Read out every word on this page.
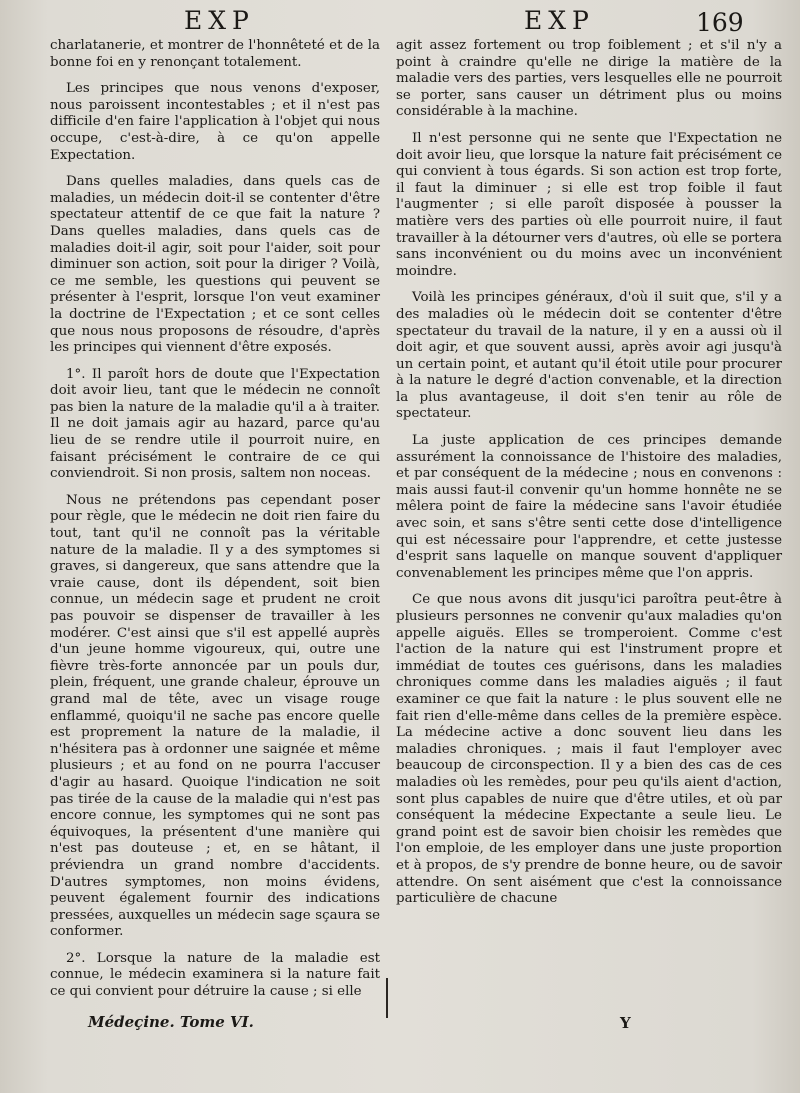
EXP	EXP	169

charlatanerie, et montrer de l'honnêteté et de la bonne foi en y renonçant totalement.

Les principes que nous venons d'exposer, nous paroissent incontestables ; et il n'est pas difficile d'en faire l'application à l'objet qui nous occupe, c'est-à-dire, à ce qu'on appelle Expectation.

Dans quelles maladies, dans quels cas de maladies, un médecin doit-il se contenter d'être spectateur attentif de ce que fait la nature ? Dans quelles maladies, dans quels cas de maladies doit-il agir, soit pour l'aider, soit pour diminuer son action, soit pour la diriger ? Voilà, ce me semble, les questions qui peuvent se présenter à l'esprit, lorsque l'on veut examiner la doctrine de l'Expectation ; et ce sont celles que nous nous proposons de résoudre, d'après les principes qui viennent d'être exposés.

1°. Il paroît hors de doute que l'Expectation doit avoir lieu, tant que le médecin ne connoît pas bien la nature de la maladie qu'il a à traiter. Il ne doit jamais agir au hazard, parce qu'au lieu de se rendre utile il pourroit nuire, en faisant précisément le contraire de ce qui conviendroit. Si non prosis, saltem non noceas.

Nous ne prétendons pas cependant poser pour règle, que le médecin ne doit rien faire du tout, tant qu'il ne connoît pas la véritable nature de la maladie. Il y a des symptomes si graves, si dangereux, que sans attendre que la vraie cause, dont ils dépendent, soit bien connue, un médecin sage et prudent ne croit pas pouvoir se dispenser de travailler à les modérer. C'est ainsi que s'il est appellé auprès d'un jeune homme vigoureux, qui, outre une fièvre très-forte annoncée par un pouls dur, plein, fréquent, une grande chaleur, éprouve un grand mal de tête, avec un visage rouge enflammé, quoiqu'il ne sache pas encore quelle est proprement la nature de la maladie, il n'hésitera pas à ordonner une saignée et même plusieurs ; et au fond on ne pourra l'accuser d'agir au hasard. Quoique l'indication ne soit pas tirée de la cause de la maladie qui n'est pas encore connue, les symptomes qui ne sont pas équivoques, la présentent d'une manière qui n'est pas douteuse ; et, en se hâtant, il préviendra un grand nombre d'accidents. D'autres symptomes, non moins évidens, peuvent également fournir des indications pressées, auxquelles un médecin sage sçaura se conformer.

2°. Lorsque la nature de la maladie est connue, le médecin examinera si la nature fait ce qui convient pour détruire la cause ; si elle

agit assez fortement ou trop foiblement ; et s'il n'y a point à craindre qu'elle ne dirige la matière de la maladie vers des parties, vers lesquelles elle ne pourroit se porter, sans causer un détriment plus ou moins considérable à la machine.

Il n'est personne qui ne sente que l'Expectation ne doit avoir lieu, que lorsque la nature fait précisément ce qui convient à tous égards. Si son action est trop forte, il faut la diminuer ; si elle est trop foible il faut l'augmenter ; si elle paroît disposée à pousser la matière vers des parties où elle pourroit nuire, il faut travailler à la détourner vers d'autres, où elle se portera sans inconvénient ou du moins avec un inconvénient moindre.

Voilà les principes généraux, d'où il suit que, s'il y a des maladies où le médecin doit se contenter d'être spectateur du travail de la nature, il y en a aussi où il doit agir, et que souvent aussi, après avoir agi jusqu'à un certain point, et autant qu'il étoit utile pour procurer à la nature le degré d'action convenable, et la direction la plus avantageuse, il doit s'en tenir au rôle de spectateur.

La juste application de ces principes demande assurément la connoissance de l'histoire des maladies, et par conséquent de la médecine ; nous en convenons : mais aussi faut-il convenir qu'un homme honnête ne se mêlera point de faire la médecine sans l'avoir étudiée avec soin, et sans s'être senti cette dose d'intelligence qui est nécessaire pour l'apprendre, et cette justesse d'esprit sans laquelle on manque souvent d'appliquer convenablement les principes même que l'on appris.

Ce que nous avons dit jusqu'ici paroîtra peut-être à plusieurs personnes ne convenir qu'aux maladies qu'on appelle aiguës. Elles se tromperoient. Comme c'est l'action de la nature qui est l'instrument propre et immédiat de toutes ces guérisons, dans les maladies chroniques comme dans les maladies aiguës ; il faut examiner ce que fait la nature : le plus souvent elle ne fait rien d'elle-même dans celles de la première espèce. La médecine active a donc souvent lieu dans les maladies chroniques. ; mais il faut l'employer avec beaucoup de circonspection. Il y a bien des cas de ces maladies où les remèdes, pour peu qu'ils aient d'action, sont plus capables de nuire que d'être utiles, et où par conséquent la médecine Expectante a seule lieu. Le grand point est de savoir bien choisir les remèdes que l'on emploie, de les employer dans une juste proportion et à propos, de s'y prendre de bonne heure, ou de savoir attendre. On sent aisément que c'est la connoissance particulière de chacune

Médeçine. Tome VI.	Y
